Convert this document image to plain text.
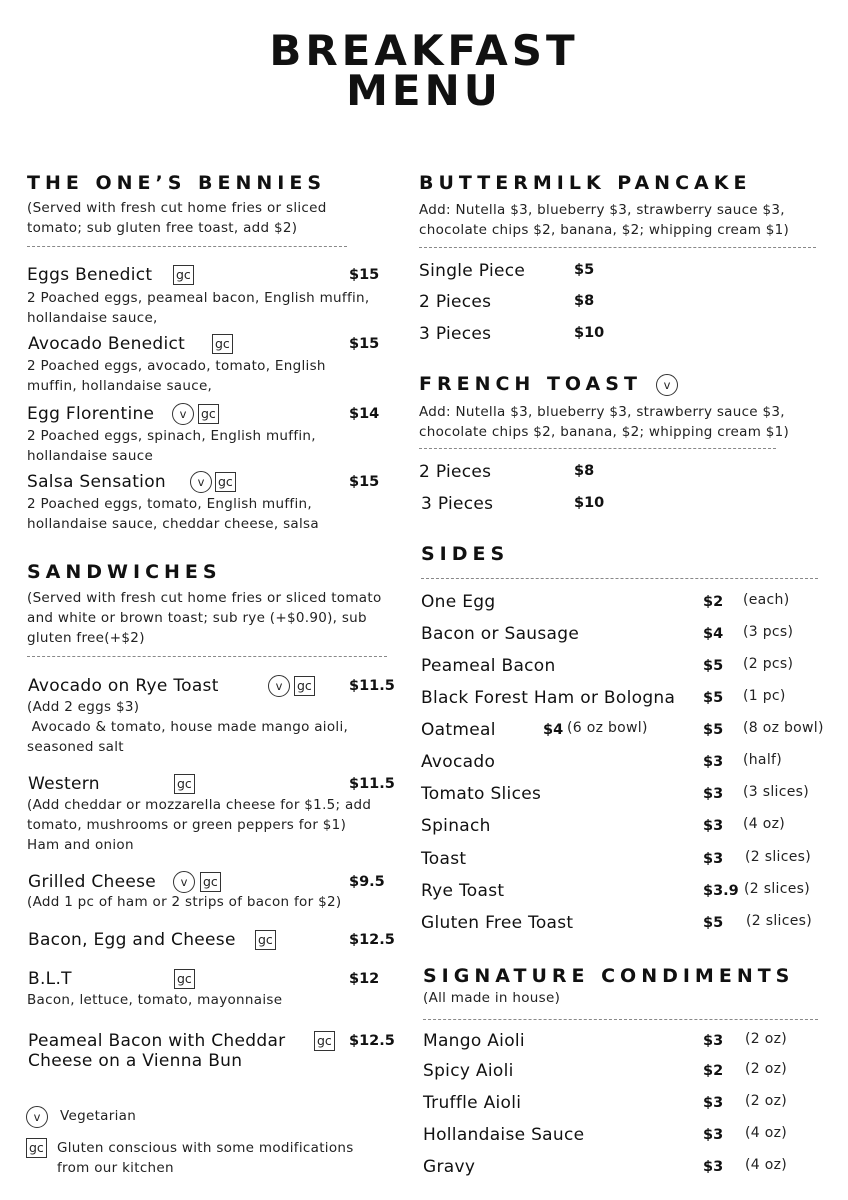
BREAKFAST
MENU
THE ONE’S BENNIES
(Served with fresh cut home fries or sliced tomato; sub gluten free toast, add $2)
Eggs Benedict gc	$15
2 Poached eggs, peameal bacon, English muffin, hollandaise sauce,
Avocado Benedict gc	$15
2 Poached eggs, avocado, tomato, English muffin, hollandaise sauce,
Egg Florentine	v	gc	$14
2 Poached eggs, spinach, English muffin, hollandaise sauce
Salsa Sensation	v	gc	$15
2 Poached eggs, tomato, English muffin, hollandaise sauce, cheddar cheese, salsa
SANDWICHES
(Served with fresh cut home fries or sliced tomato and white or brown toast; sub rye (+$0.90), sub gluten free(+$2)
Avocado on Rye Toast	v	gc	$11.5
(Add 2 eggs $3)
Avocado & tomato, house made mango aioli, seasoned salt
Western	gc	$11.5
(Add cheddar or mozzarella cheese for $1.5; add tomato, mushrooms or green peppers for $1)
Ham and onion
Grilled Cheese	v	gc	$9.5
(Add 1 pc of ham or 2 strips of bacon for $2)
Bacon, Egg and Cheese gc	$12.5
B.L.T	gc	$12
Bacon, lettuce, tomato, mayonnaise
Peameal Bacon with Cheddar
Cheese on a Vienna Bun
gc $12.5
v	Vegetarian
gc Gluten conscious with some modifications
from our kitchen
BUTTERMILK PANCAKE
Add: Nutella $3, blueberry $3, strawberry sauce $3, chocolate chips $2, banana, $2; whipping cream $1)
Single Piece	$5
2 Pieces	$8
3 Pieces	$10
FRENCH TOAST	v
Add: Nutella $3, blueberry $3, strawberry sauce $3, chocolate chips $2, banana, $2; whipping cream $1)
2 Pieces	$8
3 Pieces	$10
SIDES
One Egg	$2 (each)
Bacon or Sausage	$4 (3 pcs)
Peameal Bacon	$5 (2 pcs)
Black Forest Ham or Bologna $5 (1 pc)
Oatmeal	$4 (6 oz bowl)	$5 (8 oz bowl)
Avocado	$3 (half)
Tomato Slices	$3 (3 slices)
Spinach	$3 (4 oz)
Toast	$3 (2 slices)
Rye Toast	$3.9 (2 slices)
Gluten Free Toast	$5 (2 slices)
SIGNATURE CONDIMENTS
(All made in house)
Mango Aioli	$3 (2 oz)
Spicy Aioli	$2 (2 oz)
Truffle Aioli	$3 (2 oz)
Hollandaise Sauce	$3 (4 oz)
Gravy	$3 (4 oz)
